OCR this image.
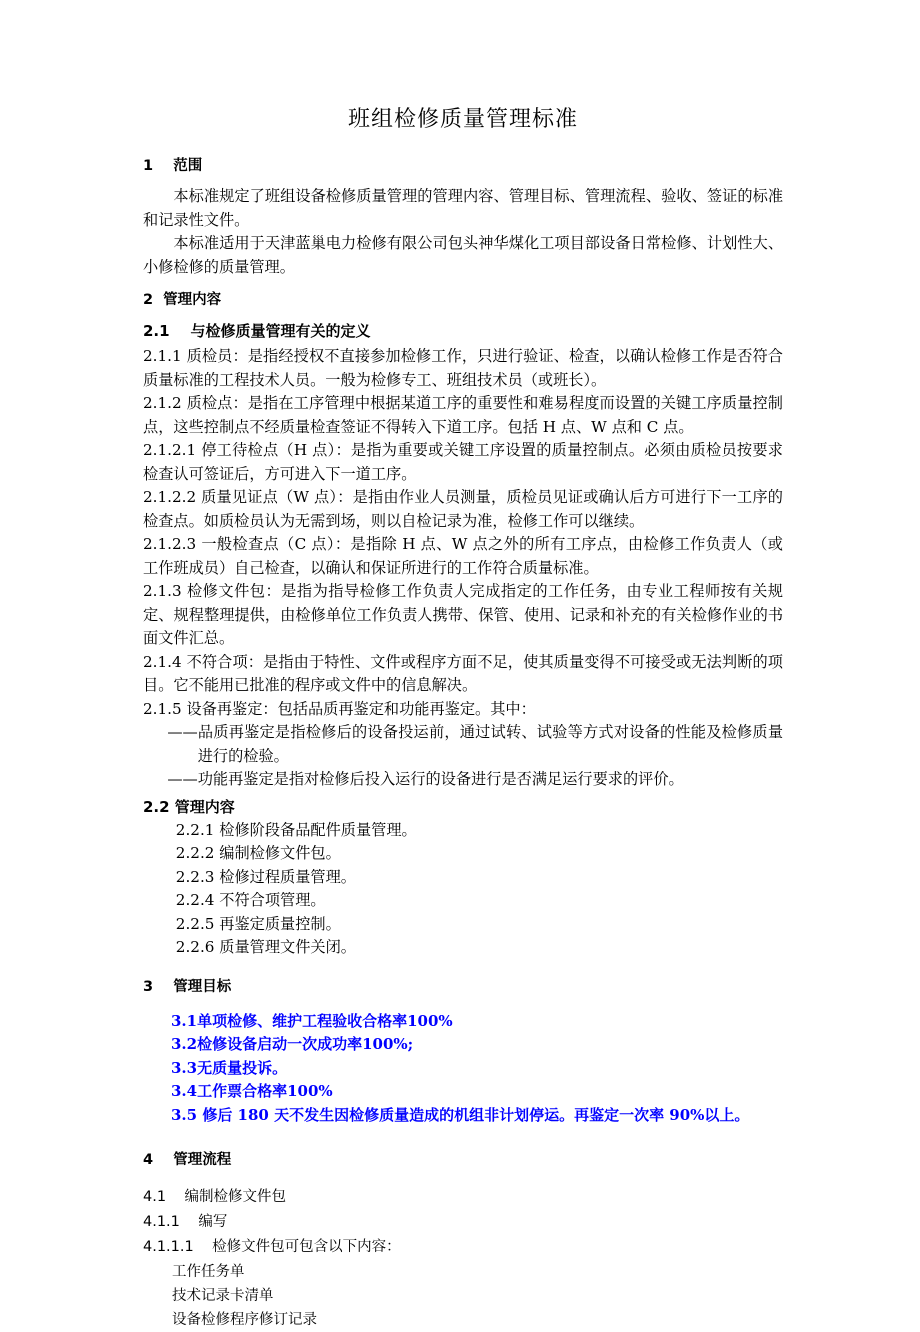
班组检修质量管理标准
1    范围

本标准规定了班组设备检修质量管理的管理内容、管理目标、管理流程、验收、签证的标准和记录性文件。

本标准适用于天津蓝巢电力检修有限公司包头神华煤化工项目部设备日常检修、计划性大、小修检修的质量管理。

2  管理内容
2.1    与检修质量管理有关的定义

2.1.1 质检员：是指经授权不直接参加检修工作，只进行验证、检查，以确认检修工作是否符合质量标准的工程技术人员。一般为检修专工、班组技术员（或班长）。

2.1.2 质检点：是指在工序管理中根据某道工序的重要性和难易程度而设置的关键工序质量控制点，这些控制点不经质量检查签证不得转入下道工序。包括 H 点、W 点和 C 点。

2.1.2.1 停工待检点（H 点）：是指为重要或关键工序设置的质量控制点。必须由质检员按要求检查认可签证后，方可进入下一道工序。

2.1.2.2 质量见证点（W 点）：是指由作业人员测量，质检员见证或确认后方可进行下一工序的检查点。如质检员认为无需到场，则以自检记录为准，检修工作可以继续。

2.1.2.3 一般检查点（C 点）：是指除 H 点、W 点之外的所有工序点，由检修工作负责人（或工作班成员）自己检查，以确认和保证所进行的工作符合质量标准。

2.1.3 检修文件包：是指为指导检修工作负责人完成指定的工作任务，由专业工程师按有关规定、规程整理提供，由检修单位工作负责人携带、保管、使用、记录和补充的有关检修作业的书面文件汇总。

2.1.4 不符合项：是指由于特性、文件或程序方面不足，使其质量变得不可接受或无法判断的项目。它不能用已批准的程序或文件中的信息解决。

2.1.5 设备再鉴定：包括品质再鉴定和功能再鉴定。其中：

——品质再鉴定是指检修后的设备投运前，通过试转、试验等方式对设备的性能及检修质量进行的检验。

——功能再鉴定是指对检修后投入运行的设备进行是否满足运行要求的评价。

2.2 管理内容
2.2.1 检修阶段备品配件质量管理。
2.2.2 编制检修文件包。
2.2.3 检修过程质量管理。
2.2.4 不符合项管理。
2.2.5 再鉴定质量控制。
2.2.6 质量管理文件关闭。
3    管理目标
3.1单项检修、维护工程验收合格率100%
3.2检修设备启动一次成功率100%;
3.3无质量投诉。
3.4工作票合格率100%
3.5 修后 180 天不发生因检修质量造成的机组非计划停运。再鉴定一次率 90%以上。
4    管理流程
4.1    编制检修文件包
4.1.1    编写
4.1.1.1    检修文件包可包含以下内容：
工作任务单
技术记录卡清单
设备检修程序修订记录
